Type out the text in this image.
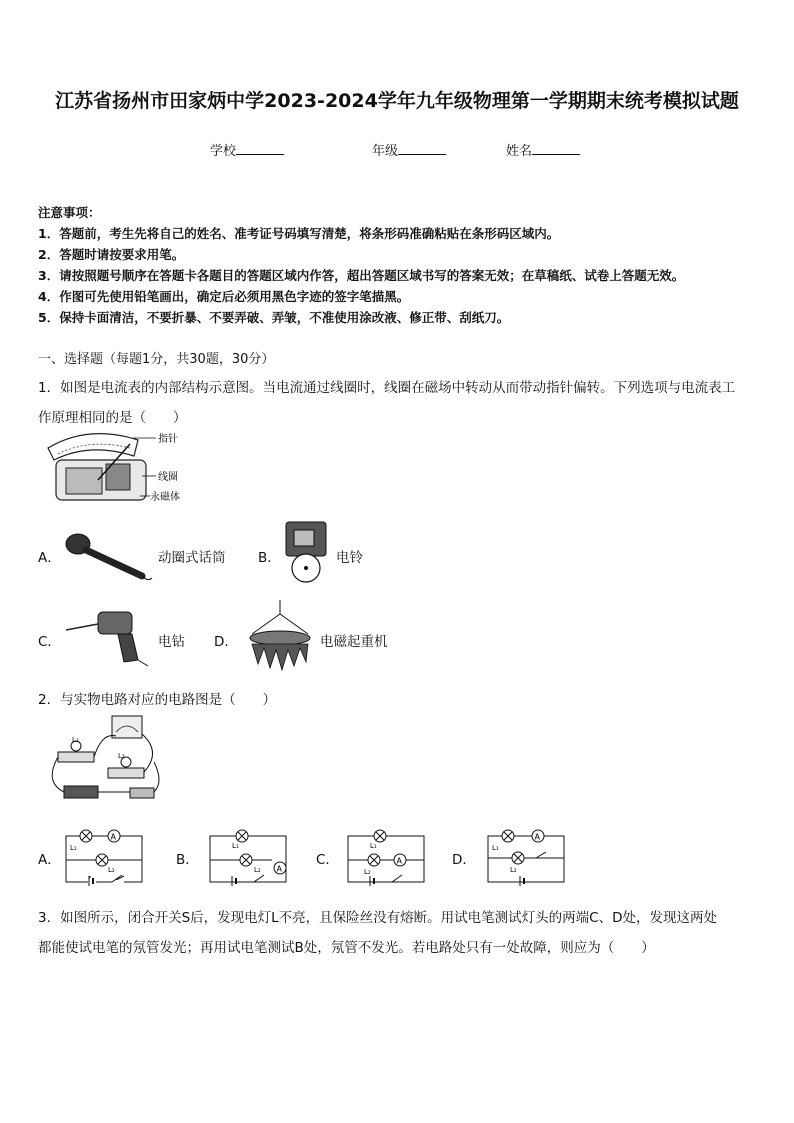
江苏省扬州市田家炳中学2023-2024学年九年级物理第一学期期末统考模拟试题
学校	年级	姓名
注意事项：
1．答题前，考生先将自己的姓名、准考证号码填写清楚，将条形码准确粘贴在条形码区域内。
2．答题时请按要求用笔。
3．请按照题号顺序在答题卡各题目的答题区域内作答，超出答题区域书写的答案无效；在草稿纸、试卷上答题无效。
4．作图可先使用铅笔画出，确定后必须用黑色字迹的签字笔描黑。
5．保持卡面清洁，不要折暴、不要弄破、弄皱，不准使用涂改液、修正带、刮纸刀。
一、选择题（每题1分，共30题，30分）
1．如图是电流表的内部结构示意图。当电流通过线圈时，线圈在磁场中转动从而带动指针偏转。下列选项与电流表工
作原理相同的是（　　）
指针
线圈
永磁体
A．	动圈式话筒 B．	电铃
C．	电钻 D．	电磁起重机
2．与实物电路对应的电路图是（　　）
L₁
L₂
A．
A
L₁
L₂
B．
A
L₁
L₂
C．	A
L₁
L₂
D．
A
L₁
L₂
3．如图所示，闭合开关S后，发现电灯L不亮，且保险丝没有熔断。用试电笔测试灯头的两端C、D处，发现这两处
都能使试电笔的氖管发光；再用试电笔测试B处，氖管不发光。若电路处只有一处故障，则应为（　　）
